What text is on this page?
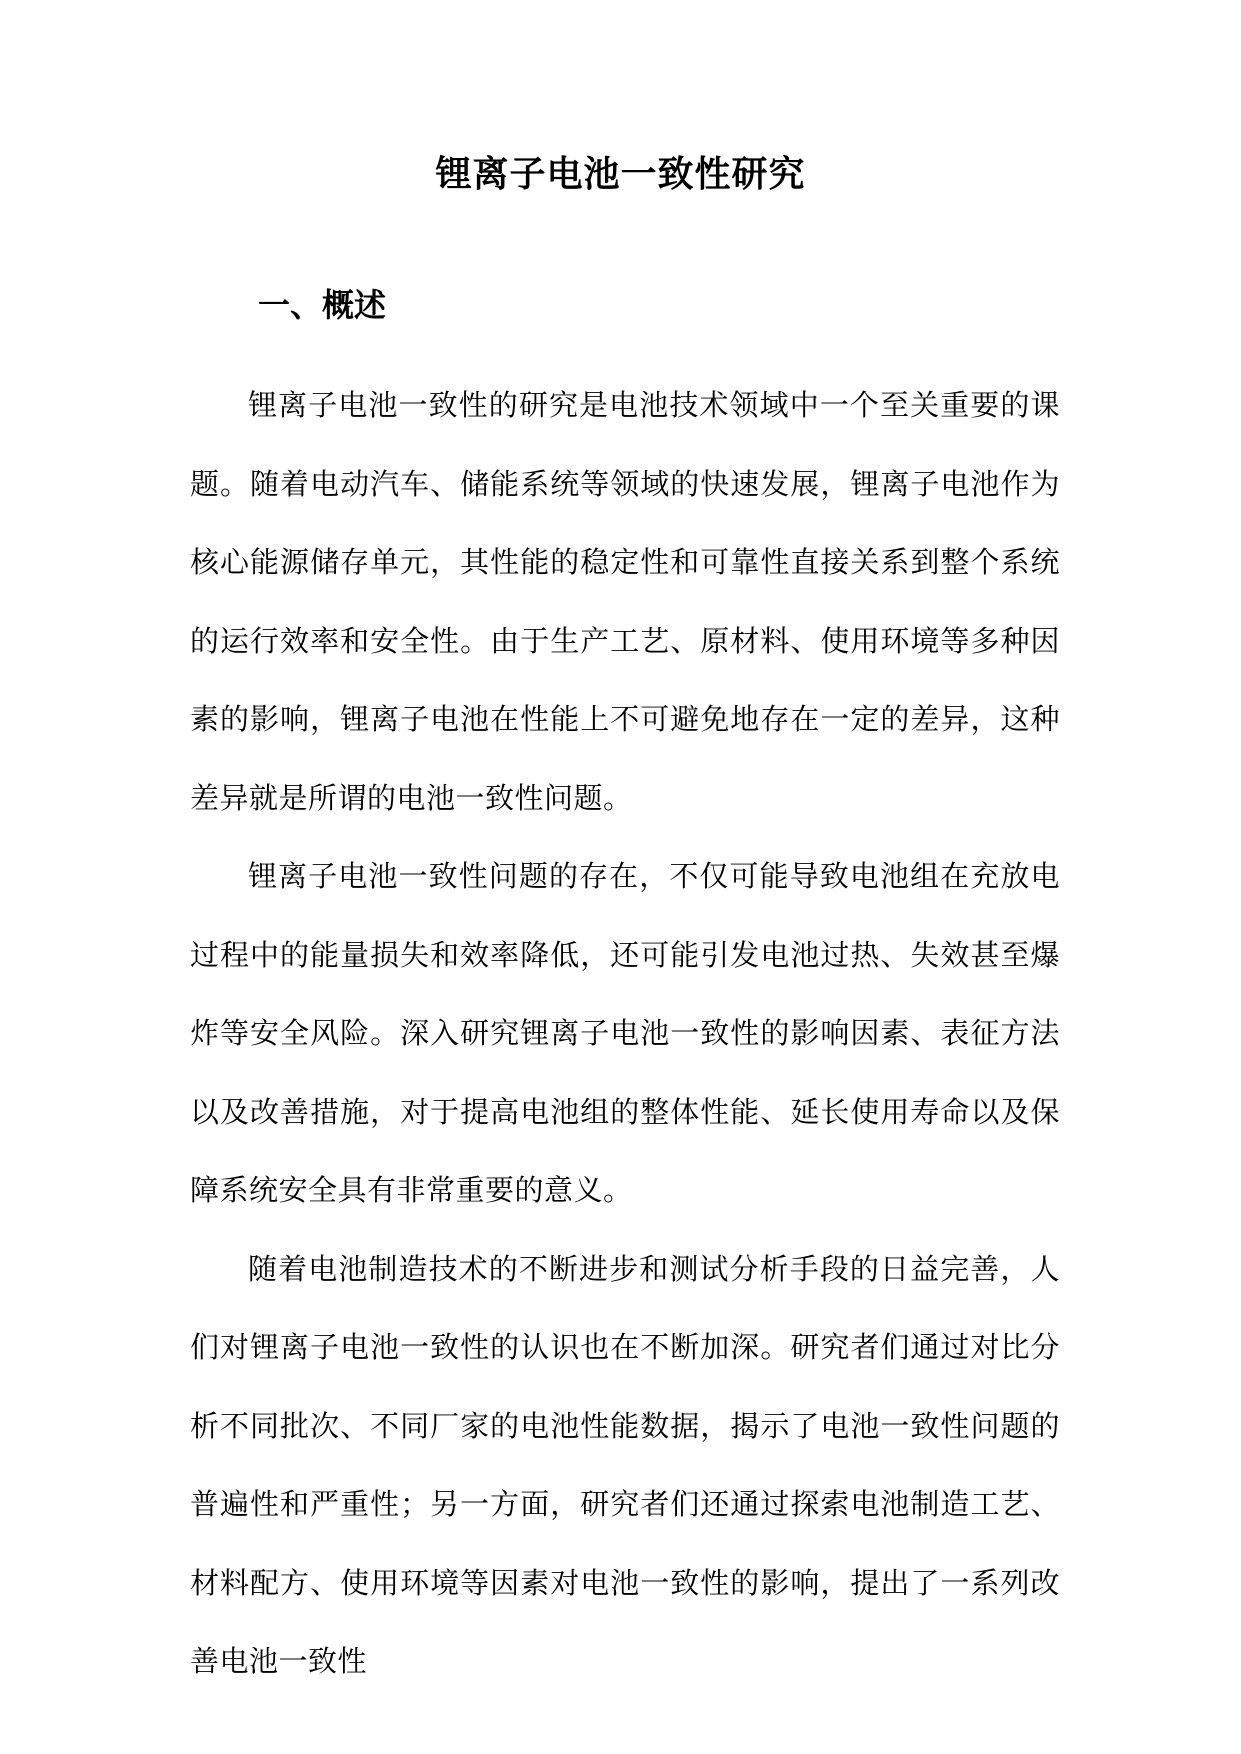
锂离子电池一致性研究
一、概述

锂离子电池一致性的研究是电池技术领域中一个至关重要的课题。随着电动汽车、储能系统等领域的快速发展，锂离子电池作为核心能源储存单元，其性能的稳定性和可靠性直接关系到整个系统的运行效率和安全性。由于生产工艺、原材料、使用环境等多种因素的影响，锂离子电池在性能上不可避免地存在一定的差异，这种差异就是所谓的电池一致性问题。

锂离子电池一致性问题的存在，不仅可能导致电池组在充放电过程中的能量损失和效率降低，还可能引发电池过热、失效甚至爆炸等安全风险。深入研究锂离子电池一致性的影响因素、表征方法以及改善措施，对于提高电池组的整体性能、延长使用寿命以及保障系统安全具有非常重要的意义。

随着电池制造技术的不断进步和测试分析手段的日益完善，人们对锂离子电池一致性的认识也在不断加深。研究者们通过对比分析不同批次、不同厂家的电池性能数据，揭示了电池一致性问题的普遍性和严重性；另一方面，研究者们还通过探索电池制造工艺、材料配方、使用环境等因素对电池一致性的影响，提出了一系列改善电池一致性
